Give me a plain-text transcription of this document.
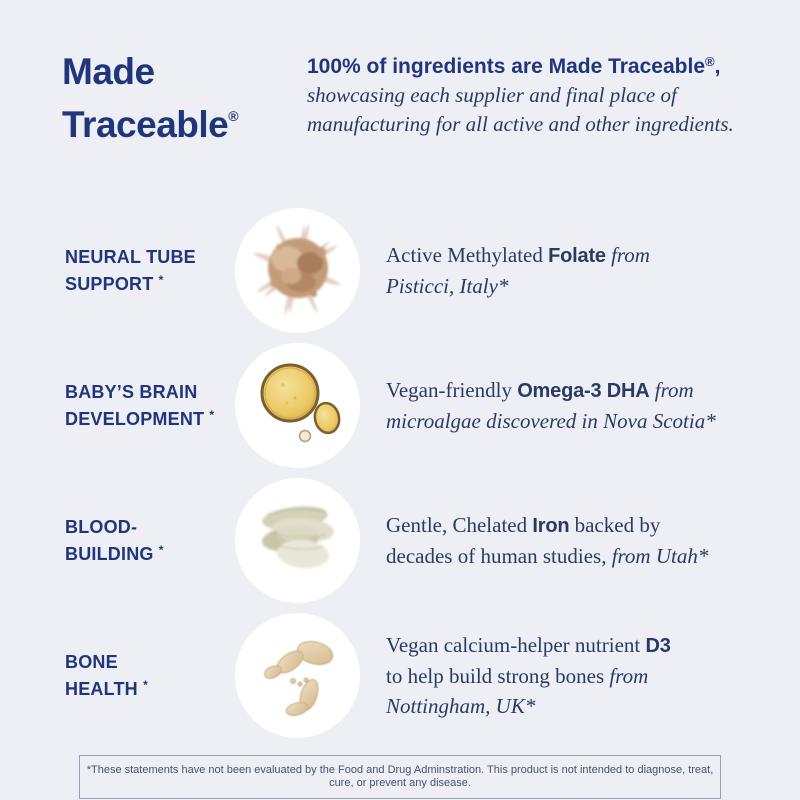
Made
Traceable®
100% of ingredients are Made Traceable®,
showcasing each supplier and final place of
manufacturing for all active and other ingredients.
NEURAL TUBE
SUPPORT *
Active Methylated Folate from
Pisticci, Italy*
BABY’S BRAIN
DEVELOPMENT *
Vegan-friendly Omega-3 DHA from
microalgae discovered in Nova Scotia*
BLOOD-
BUILDING *
Gentle, Chelated Iron backed by
decades of human studies, from Utah*
BONE
HEALTH *
Vegan calcium-helper nutrient D3
to help build strong bones from
Nottingham, UK*
*These statements have not been evaluated by the Food and Drug Adminstration. This product is not intended to diagnose, treat, cure, or prevent any disease.
